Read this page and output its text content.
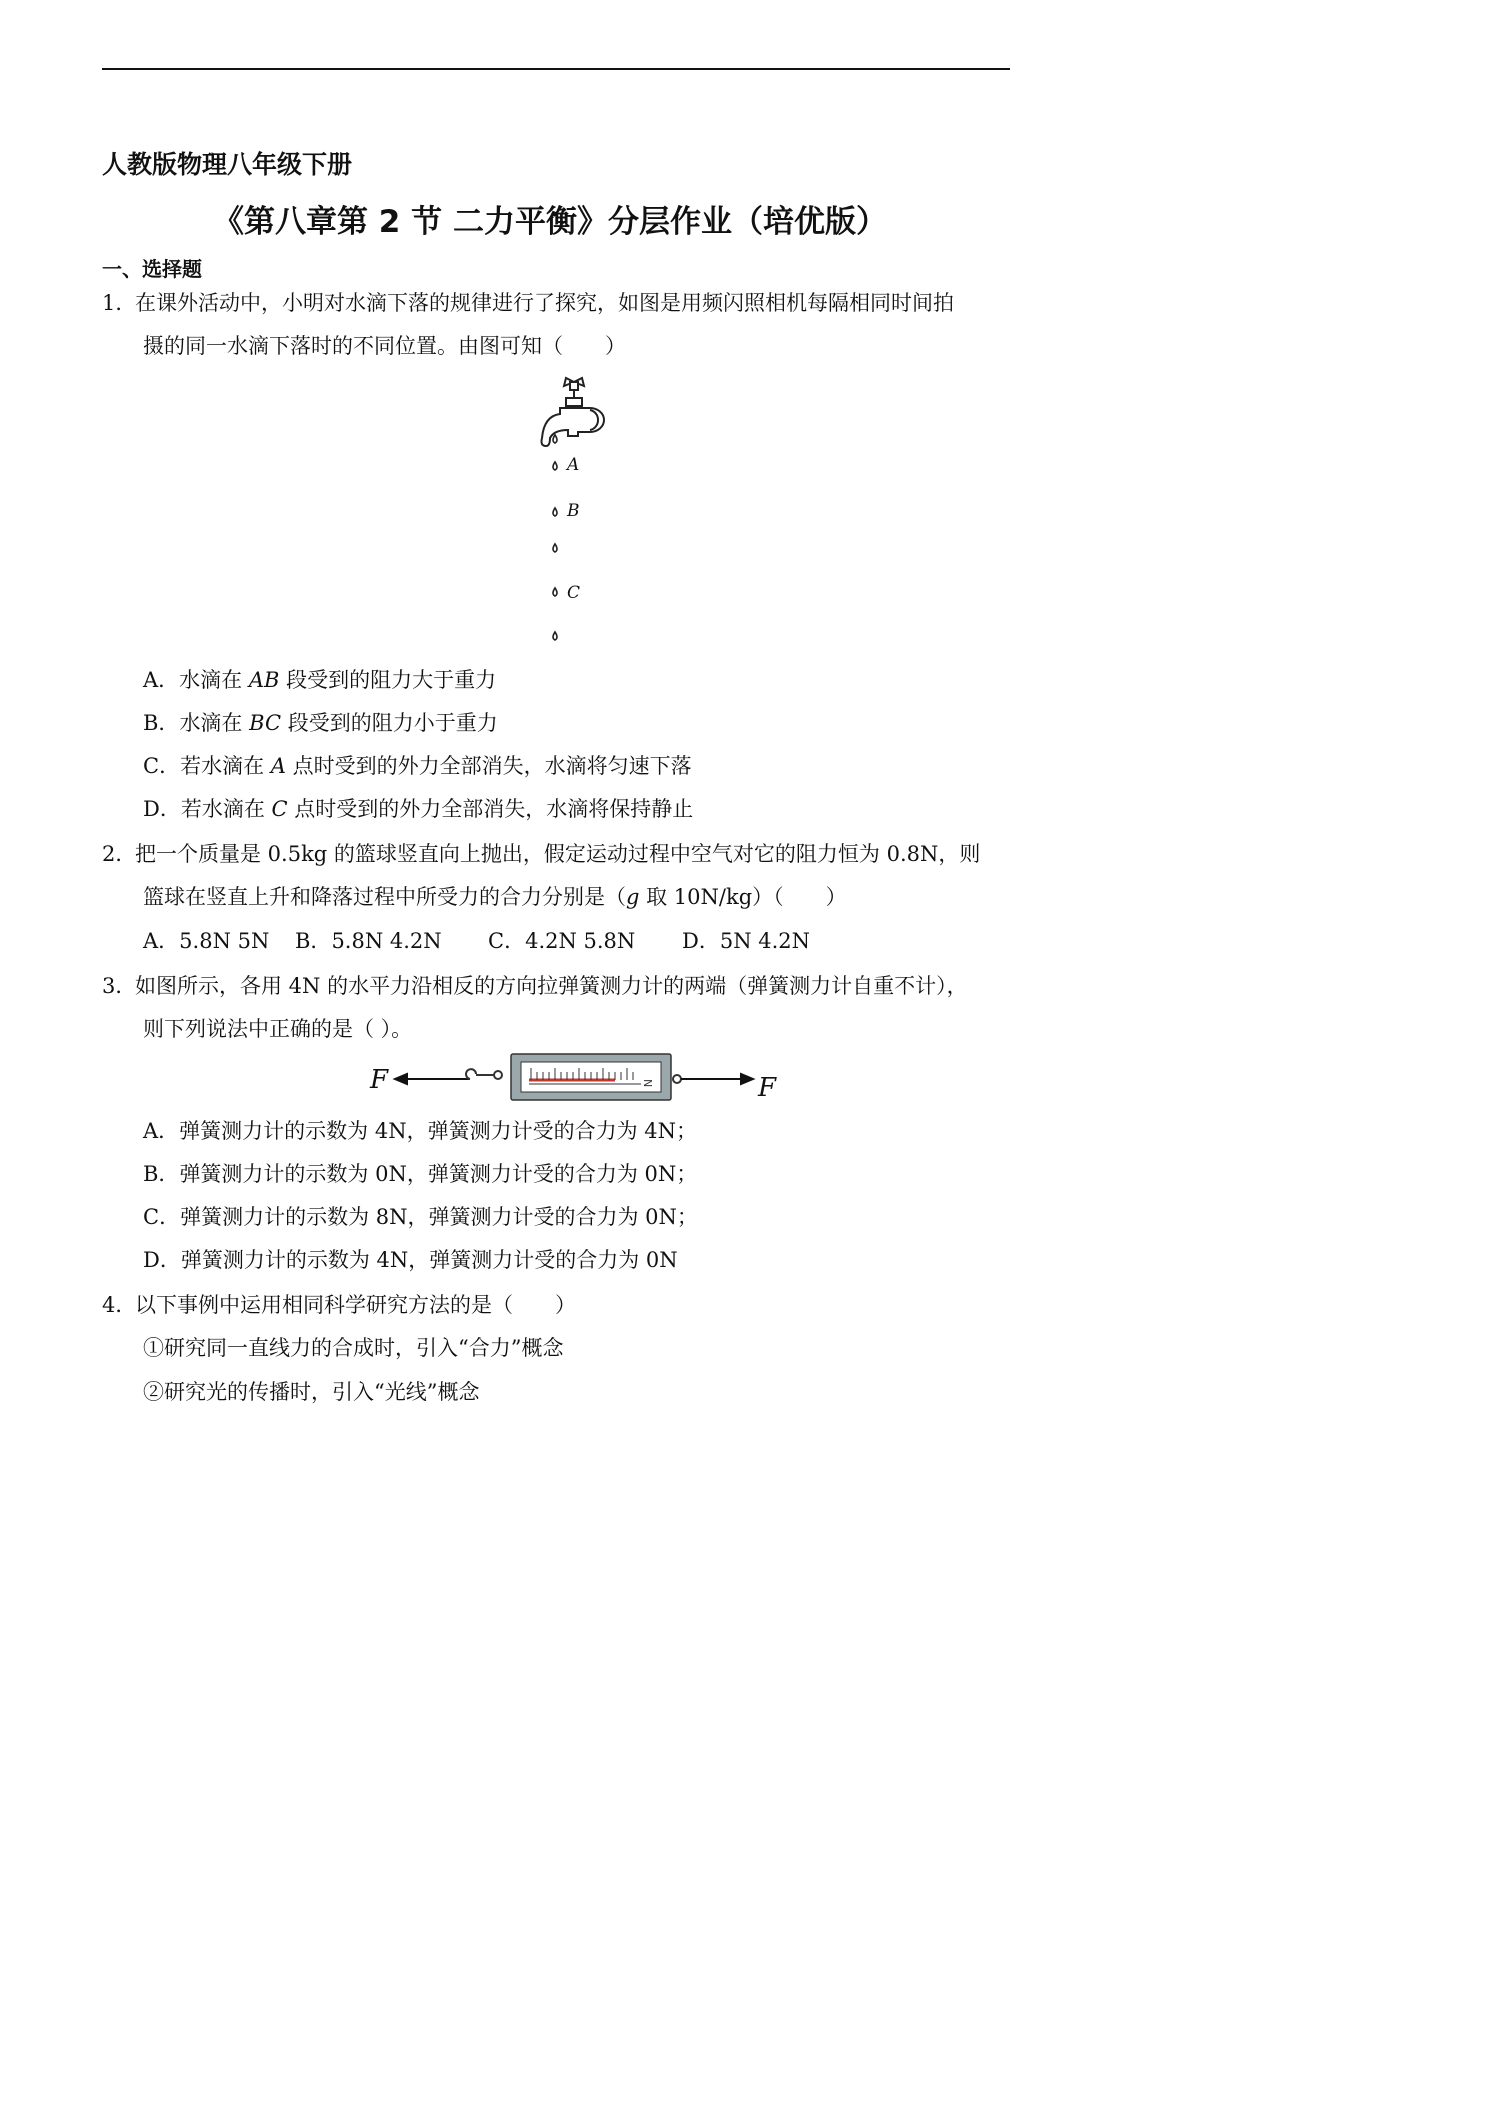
人教版物理八年级下册
《第八章第 2 节 二力平衡》分层作业（培优版）
一、选择题
1．
在课外活动中，小明对水滴下落的规律进行了探究，如图是用频闪照相机每隔相同时间拍
摄的同一水滴下落时的不同位置。由图可知（　　）
A
B
C
A．水滴在 AB 段受到的阻力大于重力
B．水滴在 BC 段受到的阻力小于重力
C．若水滴在 A 点时受到的外力全部消失，水滴将匀速下落
D．若水滴在 C 点时受到的外力全部消失，水滴将保持静止
2．
把一个质量是 0.5kg 的篮球竖直向上抛出，假定运动过程中空气对它的阻力恒为 0.8N，则
篮球在竖直上升和降落过程中所受力的合力分别是（g 取 10N/kg）（　　）
A．5.8N 5N B．5.8N 4.2N C．4.2N 5.8N D．5N 4.2N
3．
如图所示，各用 4N 的水平力沿相反的方向拉弹簧测力计的两端（弹簧测力计自重不计），
则下列说法中正确的是（ ）。
F	N	F
A．弹簧测力计的示数为 4N，弹簧测力计受的合力为 4N；
B．弹簧测力计的示数为 0N，弹簧测力计受的合力为 0N；
C．弹簧测力计的示数为 8N，弹簧测力计受的合力为 0N；
D．弹簧测力计的示数为 4N，弹簧测力计受的合力为 0N
4．
以下事例中运用相同科学研究方法的是（　　）
①研究同一直线力的合成时，引入“合力”概念
②研究光的传播时，引入“光线”概念
